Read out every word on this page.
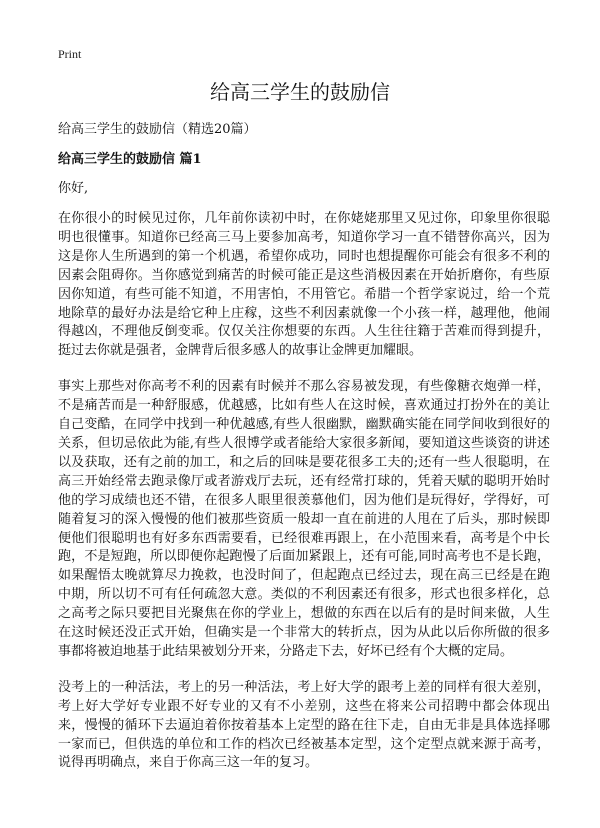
Print
给高三学生的鼓励信
给高三学生的鼓励信（精选20篇）
给高三学生的鼓励信 篇1
你好,

在你很小的时候见过你，几年前你读初中时，在你姥姥那里又见过你，印象里你很聪明也很懂事。知道你已经高三马上要参加高考，知道你学习一直不错替你高兴，因为这是你人生所遇到的第一个机遇，希望你成功，同时也想提醒你可能会有很多不利的因素会阻碍你。当你感觉到痛苦的时候可能正是这些消极因素在开始折磨你，有些原因你知道，有些可能不知道，不用害怕，不用管它。希腊一个哲学家说过，给一个荒地除草的最好办法是给它种上庄稼，这些不利因素就像一个小孩一样，越理他，他闹得越凶，不理他反倒变乖。仅仅关注你想要的东西。人生往往籍于苦难而得到提升，挺过去你就是强者，金牌背后很多感人的故事让金牌更加耀眼。

事实上那些对你高考不利的因素有时候并不那么容易被发现，有些像糖衣炮弹一样，不是痛苦而是一种舒服感，优越感，比如有些人在这时候，喜欢通过打扮外在的美让自己变酷，在同学中找到一种优越感,有些人很幽默，幽默确实能在同学间收到很好的关系，但切忌依此为能,有些人很博学或者能给大家很多新闻，要知道这些谈资的讲述以及获取，还有之前的加工，和之后的回味是要花很多工夫的;还有一些人很聪明，在高三开始经常去跑录像厅或者游戏厅去玩，还有经常打球的，凭着天赋的聪明开始时他的学习成绩也还不错，在很多人眼里很羡慕他们，因为他们是玩得好，学得好，可随着复习的深入慢慢的他们被那些资质一般却一直在前进的人甩在了后头，那时候即便他们很聪明也有好多东西需要看，已经很难再跟上，在小范围来看，高考是个中长跑，不是短跑，所以即便你起跑慢了后面加紧跟上，还有可能,同时高考也不是长跑，如果醒悟太晚就算尽力挽救，也没时间了，但起跑点已经过去，现在高三已经是在跑中期，所以切不可有任何疏忽大意。类似的不利因素还有很多，形式也很多样化，总之高考之际只要把目光聚焦在你的学业上，想做的东西在以后有的是时间来做，人生在这时候还没正式开始，但确实是一个非常大的转折点，因为从此以后你所做的很多事都将被迫地基于此结果被划分开来，分路走下去，好坏已经有个大概的定局。

没考上的一种活法，考上的另一种活法，考上好大学的跟考上差的同样有很大差别，考上好大学好专业跟不好专业的又有不小差别，这些在将来公司招聘中都会体现出来，慢慢的循环下去逼迫着你按着基本上定型的路在往下走，自由无非是具体选择哪一家而已，但供选的单位和工作的档次已经被基本定型，这个定型点就来源于高考，说得再明确点，来自于你高三这一年的复习。
